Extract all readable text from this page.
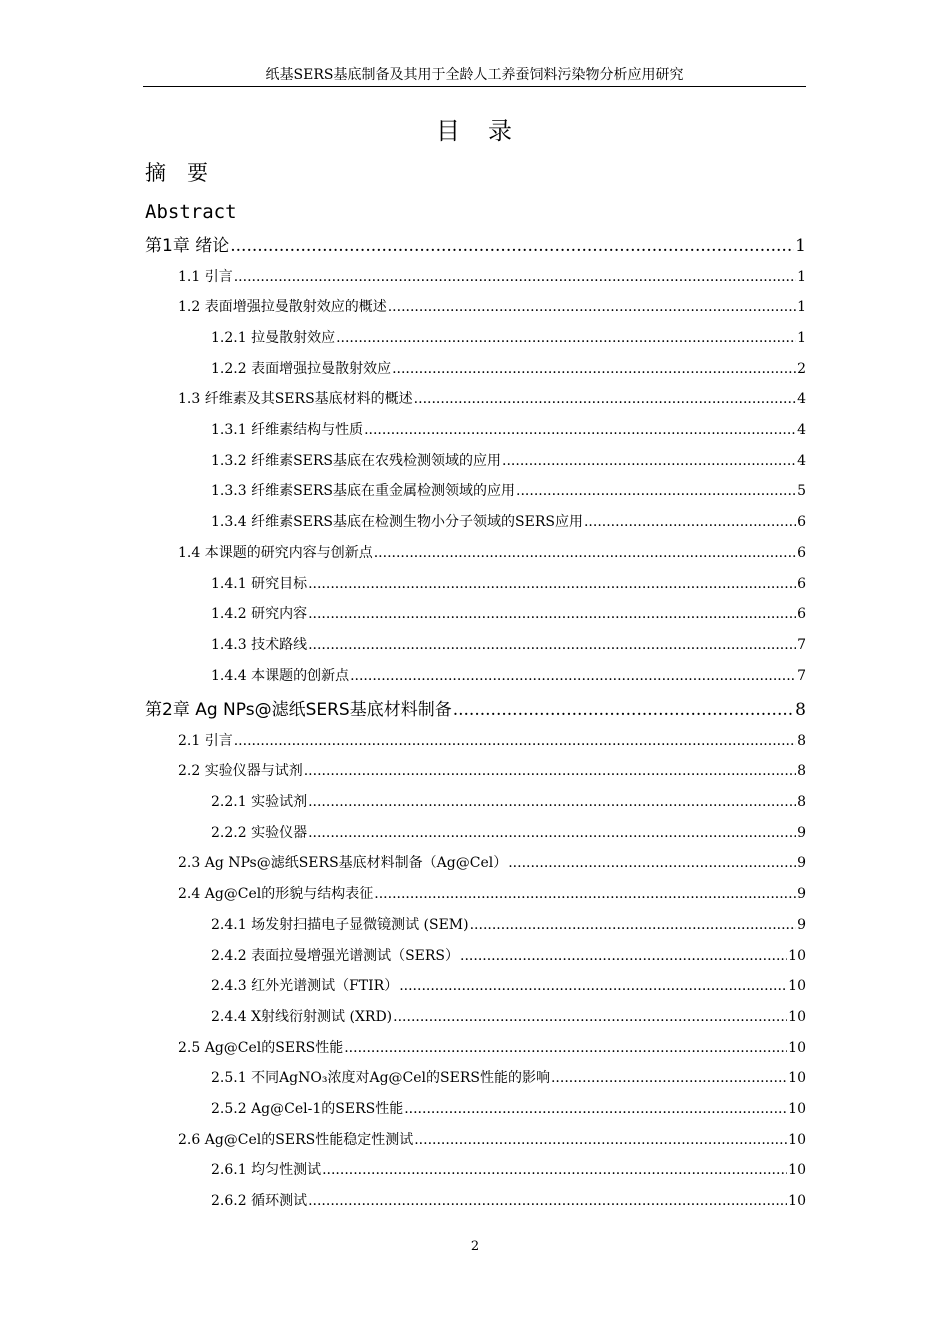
纸基SERS基底制备及其用于全龄人工养蚕饲料污染物分析应用研究
目　录
摘　要
Abstract
第1章 绪论 .....	1
1.1 引言 .....	1
1.2 表面增强拉曼散射效应的概述 .....	1
1.2.1 拉曼散射效应 .....	1
1.2.2 表面增强拉曼散射效应 .....	2
1.3 纤维素及其SERS基底材料的概述 .....	4
1.3.1 纤维素结构与性质 .....	4
1.3.2 纤维素SERS基底在农残检测领域的应用 .....	4
1.3.3 纤维素SERS基底在重金属检测领域的应用 .....	5
1.3.4 纤维素SERS基底在检测生物小分子领域的SERS应用 .....	6
1.4 本课题的研究内容与创新点 .....	6
1.4.1 研究目标 .....	6
1.4.2 研究内容 .....	6
1.4.3 技术路线 .....	7
1.4.4 本课题的创新点 .....	7
第2章 Ag NPs@滤纸SERS基底材料制备 .....	8
2.1 引言 .....	8
2.2 实验仪器与试剂 .....	8
2.2.1 实验试剂 .....	8
2.2.2 实验仪器 .....	9
2.3 Ag NPs@滤纸SERS基底材料制备（Ag@Cel） .....	9
2.4 Ag@Cel的形貌与结构表征 .....	9
2.4.1 场发射扫描电子显微镜测试 (SEM) .....	9
2.4.2 表面拉曼增强光谱测试（SERS） .....	10
2.4.3 红外光谱测试（FTIR） .....	10
2.4.4 X射线衍射测试 (XRD) .....	10
2.5 Ag@Cel的SERS性能 .....	10
2.5.1 不同AgNO₃浓度对Ag@Cel的SERS性能的影响 .....	10
2.5.2 Ag@Cel-1的SERS性能 .....	10
2.6 Ag@Cel的SERS性能稳定性测试 .....	10
2.6.1 均匀性测试 .....	10
2.6.2 循环测试 .....	10
2
